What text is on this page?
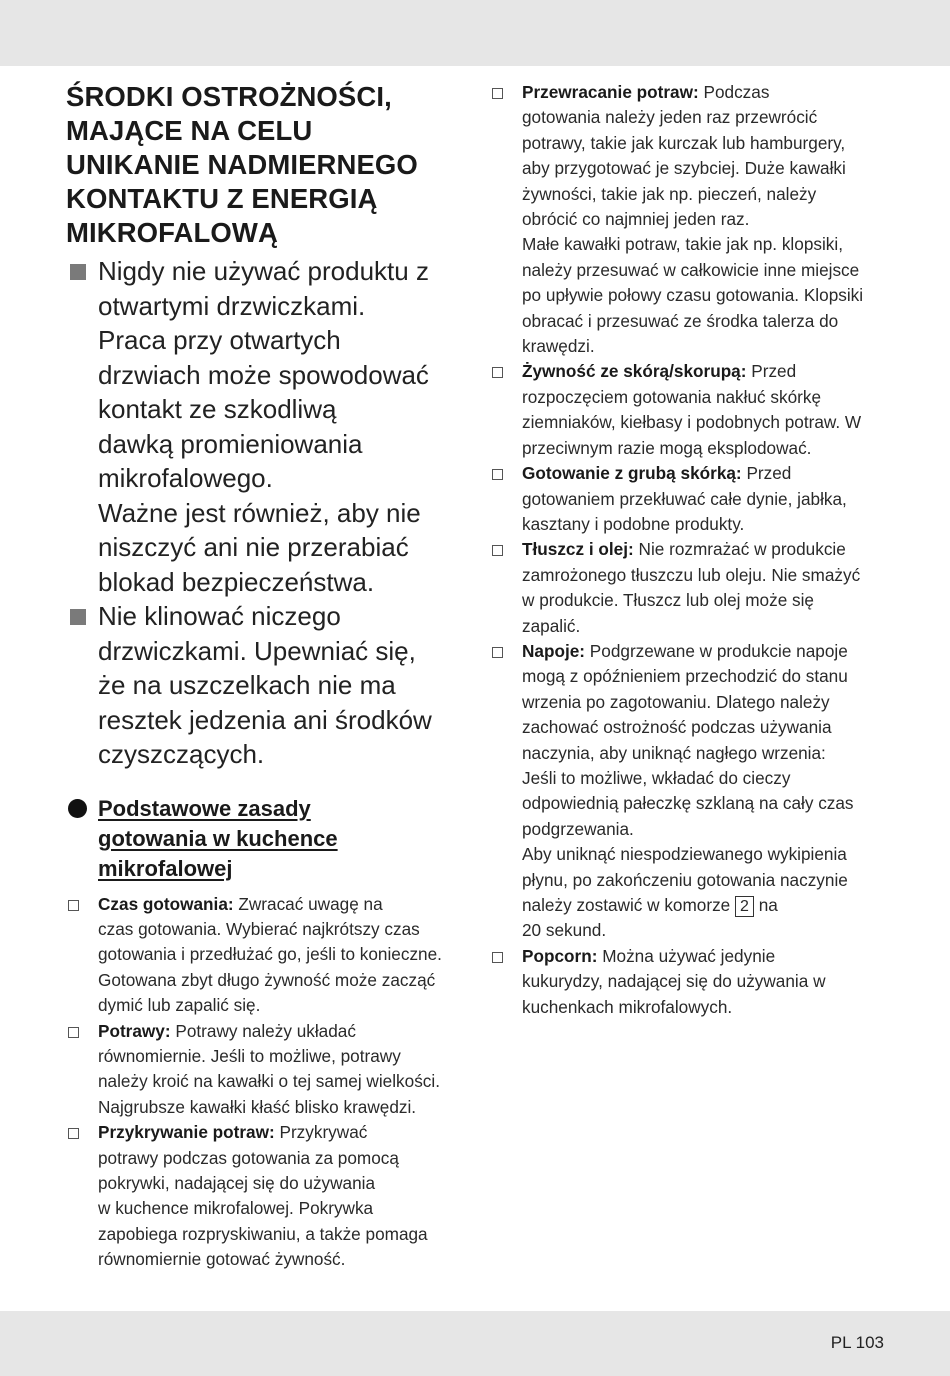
ŚRODKI OSTROŻNOŚCI,
MAJĄCE NA CELU
UNIKANIE NADMIERNEGO
KONTAKTU Z ENERGIĄ
MIKROFALOWĄ

Nigdy nie używać produktu z
otwartymi drzwiczkami.
Praca przy otwartych
drzwiach może spowodować
kontakt ze szkodliwą
dawką promieniowania
mikrofalowego.

Ważne jest również, aby nie
niszczyć ani nie przerabiać
blokad bezpieczeństwa.

Nie klinować niczego
drzwiczkami. Upewniać się,
że na uszczelkach nie ma
resztek jedzenia ani środków
czyszczących.

Podstawowe zasady
gotowania w kuchence
mikrofalowej

Czas gotowania: Zwracać uwagę na
czas gotowania. Wybierać najkrótszy czas
gotowania i przedłużać go, jeśli to konieczne.
Gotowana zbyt długo żywność może zacząć
dymić lub zapalić się.

Potrawy: Potrawy należy układać
równomiernie. Jeśli to możliwe, potrawy
należy kroić na kawałki o tej samej wielkości.
Najgrubsze kawałki kłaść blisko krawędzi.

Przykrywanie potraw: Przykrywać
potrawy podczas gotowania za pomocą
pokrywki, nadającej się do używania
w kuchence mikrofalowej. Pokrywka
zapobiega rozpryskiwaniu, a także pomaga
równomiernie gotować żywność.

Przewracanie potraw: Podczas
gotowania należy jeden raz przewrócić
potrawy, takie jak kurczak lub hamburgery,
aby przygotować je szybciej. Duże kawałki
żywności, takie jak np. pieczeń, należy
obrócić co najmniej jeden raz.
Małe kawałki potraw, takie jak np. klopsiki,
należy przesuwać w całkowicie inne miejsce
po upływie połowy czasu gotowania. Klopsiki
obracać i przesuwać ze środka talerza do
krawędzi.

Żywność ze skórą/skorupą: Przed
rozpoczęciem gotowania nakłuć skórkę
ziemniaków, kiełbasy i podobnych potraw. W
przeciwnym razie mogą eksplodować.

Gotowanie z grubą skórką: Przed
gotowaniem przekłuwać całe dynie, jabłka,
kasztany i podobne produkty.

Tłuszcz i olej: Nie rozmrażać w produkcie
zamrożonego tłuszczu lub oleju. Nie smażyć
w produkcie. Tłuszcz lub olej może się
zapalić.

Napoje: Podgrzewane w produkcie napoje
mogą z opóźnieniem przechodzić do stanu
wrzenia po zagotowaniu. Dlatego należy
zachować ostrożność podczas używania
naczynia, aby uniknąć nagłego wrzenia:
Jeśli to możliwe, wkładać do cieczy
odpowiednią pałeczkę szklaną na cały czas
podgrzewania.
Aby uniknąć niespodziewanego wykipienia
płynu, po zakończeniu gotowania naczynie
należy zostawić w komorze 2 na
20 sekund.

Popcorn: Można używać jedynie
kukurydzy, nadającej się do używania w
kuchenkach mikrofalowych.

PL 103
